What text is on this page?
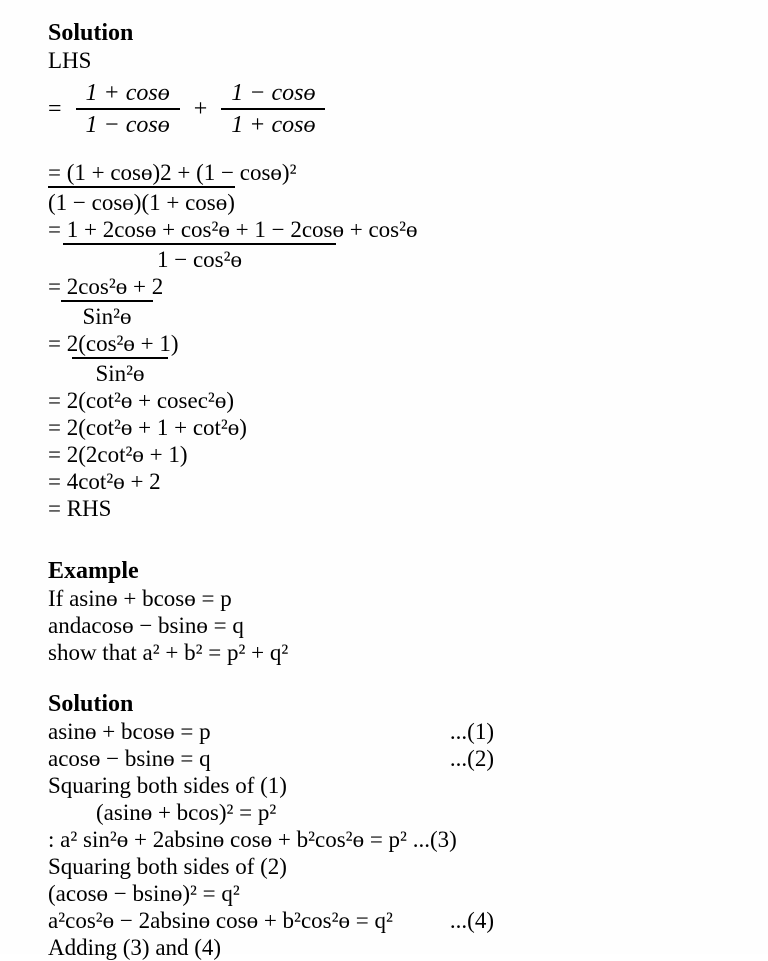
Solution
LHS
= $\frac{\text{1 + cosɵ}}{\text{1 − cosɵ}} + \frac{\text{1 − cosɵ}}{\text{1 + cosɵ}}$
= (1 + cosɵ)2 + (1 − cosɵ)²
(1 − cosɵ)(1 + cosɵ)
= 1 + 2cosɵ + cos²ɵ + 1 − 2cosɵ + cos²ɵ
1 − cos²ɵ
= 2cos²ɵ + 2
Sin²ɵ
= 2(cos²ɵ + 1)
Sin²ɵ
= 2(cot²ɵ + cosec²ɵ)
= 2(cot²ɵ + 1 + cot²ɵ)
= 2(2cot²ɵ + 1)
= 4cot²ɵ + 2
= RHS
Example
If asinɵ + bcosɵ = p
andacosɵ − bsinɵ = q
show that a² + b² = p² + q²
Solution
asinɵ + bcosɵ = p	...(1)
acosɵ − bsinɵ = q	...(2)
Squaring both sides of (1)
(asinɵ + bcos)² = p²
: a² sin²ɵ + 2absinɵ cosɵ + b²cos²ɵ = p² ...(3)
Squaring both sides of (2)
(acosɵ − bsinɵ)² = q²
a²cos²ɵ − 2absinɵ cosɵ + b²cos²ɵ = q² ...(4)
Adding (3) and (4)
